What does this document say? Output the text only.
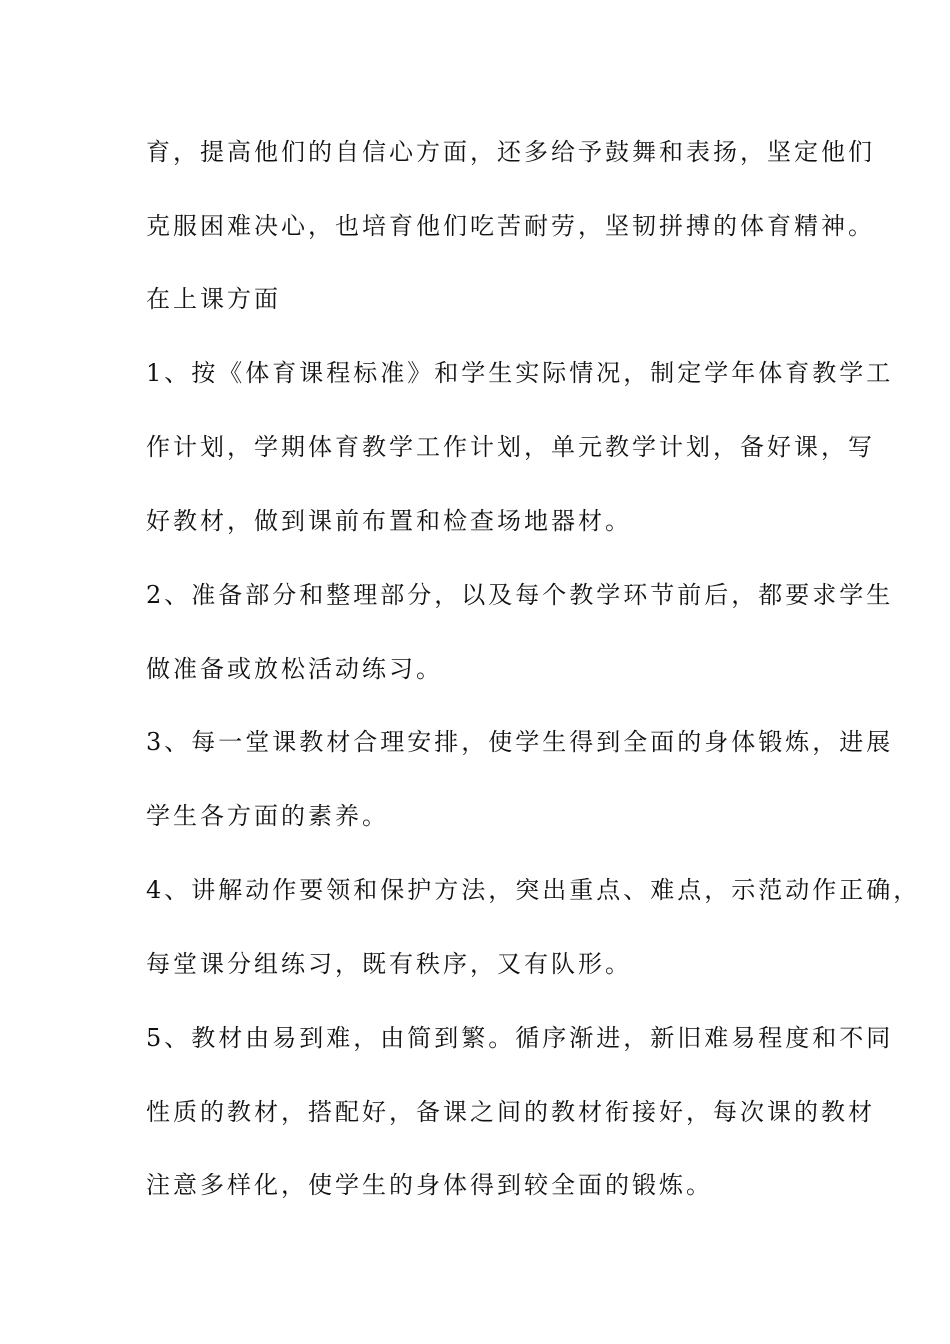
育，提高他们的自信心方面，还多给予鼓舞和表扬，坚定他们
克服困难决心，也培育他们吃苦耐劳，坚韧拼搏的体育精神。
在上课方面
1、按《体育课程标准》和学生实际情况，制定学年体育教学工
作计划，学期体育教学工作计划，单元教学计划，备好课，写
好教材，做到课前布置和检查场地器材。
2、准备部分和整理部分，以及每个教学环节前后，都要求学生
做准备或放松活动练习。
3、每一堂课教材合理安排，使学生得到全面的身体锻炼，进展
学生各方面的素养。
4、讲解动作要领和保护方法，突出重点、难点，示范动作正确，
每堂课分组练习，既有秩序，又有队形。
5、教材由易到难，由简到繁。循序渐进，新旧难易程度和不同
性质的教材，搭配好，备课之间的教材衔接好，每次课的教材
注意多样化，使学生的身体得到较全面的锻炼。
